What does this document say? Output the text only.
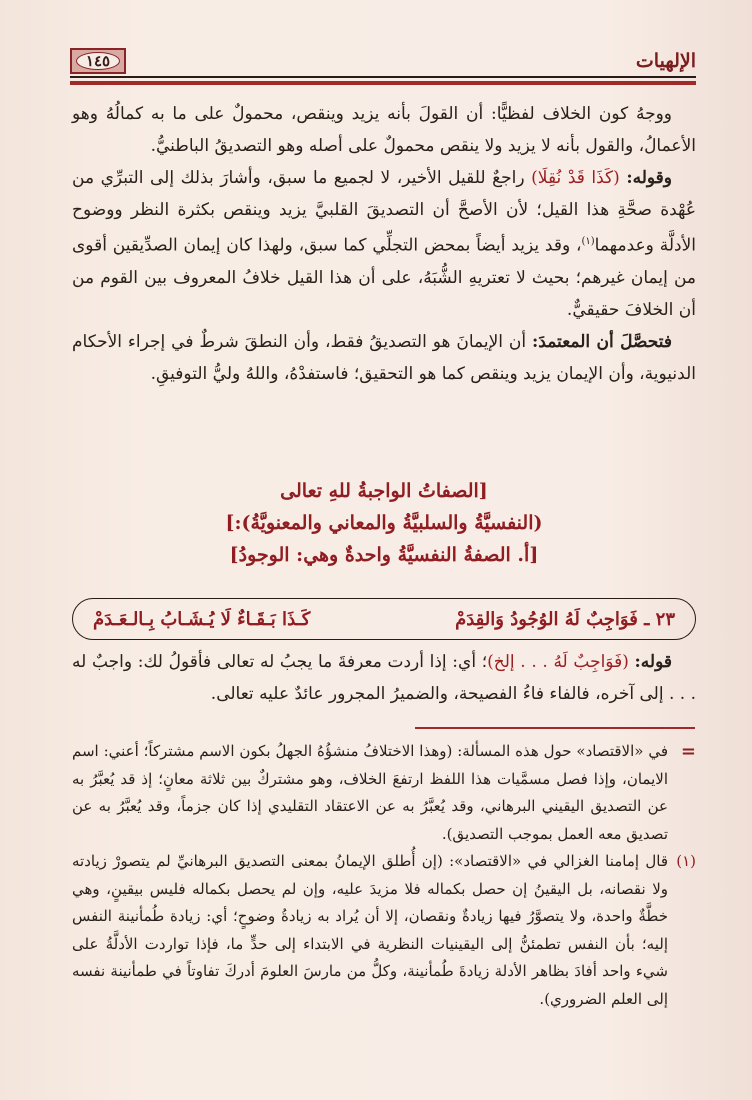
١٤٥	الإلهيات

ووجهُ كون الخلاف لفظيًّا: أن القولَ بأنه يزيد وينقص، محمولٌ على ما به كمالُهُ وهو الأعمالُ، والقول بأنه لا يزيد ولا ينقص محمولٌ على أصله وهو التصديقُ الباطنيُّ.

وقوله: (كَذَا قَدْ نُقِلَا) راجعٌ للقيل الأخير، لا لجميع ما سبق، وأشارَ بذلك إلى التبرِّي من عُهْدة صحَّةِ هذا القيل؛ لأن الأصحَّ أن التصديقَ القلبيَّ يزيد وينقص بكثرة النظر ووضوح الأدلَّة وعدمهما$^{(١)}$، وقد يزيد أيضاً بمحض التجلِّي كما سبق، ولهذا كان إيمان الصدِّيقين أقوى من إيمان غيرهم؛ بحيث لا تعتريهِ الشُّبَهُ، على أن هذا القيل خلافُ المعروف بين القوم من أن الخلافَ حقيقيٌّ.

فتحصَّلَ أن المعتمدَ: أن الإيمانَ هو التصديقُ فقط، وأن النطقَ شرطٌ في إجراء الأحكام الدنيوية، وأن الإيمان يزيد وينقص كما هو التحقيق؛ فاستفدْهُ، واللهُ وليُّ التوفيقِ.

[الصفاتُ الواجبةُ للهِ تعالى
(النفسيَّةُ والسلبيَّةُ والمعاني والمعنويَّةُ):]
[أ. الصفةُ النفسيَّةُ واحدةٌ وهي: الوجودُ]
٢٣ ـ فَوَاجِبٌ لَهُ الوُجُودُ وَالقِدَمْ
كَـذَا بَـقَـاءٌ لَا يُـشَـابُ بِـالـعَـدَمْ

قوله: (فَوَاجِبٌ لَهُ . . . إلخ)؛ أي: إذا أردت معرفةَ ما يجبُ له تعالى فأقولُ لك: واجبٌ له . . . إلى آخره، فالفاء فاءُ الفصيحة، والضميرُ المجرور عائدٌ عليه تعالى.

=
في «الاقتصاد» حول هذه المسألة: (وهذا الاختلافُ منشؤُهُ الجهلُ بكون الاسم مشتركاً؛ أعني: اسم الايمان، وإذا فصل مسمَّيات هذا اللفظ ارتفعَ الخلاف، وهو مشتركٌ بين ثلاثة معانٍ؛ إذ قد يُعبَّرُ به عن التصديق اليقيني البرهاني، وقد يُعبَّرُ به عن الاعتقاد التقليدي إذا كان جزماً، وقد يُعبَّرُ به عن تصديق معه العمل بموجب التصديق).

(١)
قال إمامنا الغزالي في «الاقتصاد»: (إن أُطلق الإيمانُ بمعنى التصديق البرهانيِّ لم يتصورْ زيادته ولا نقصانه، بل اليقينُ إن حصل بكماله فلا مزيدَ عليه، وإن لم يحصل بكماله فليس بيقينٍ، وهي خطَّةٌ واحدة، ولا يتصوَّرُ فيها زيادةٌ ونقصان، إلا أن يُراد به زيادةُ وضوحٍ؛ أي: زيادة طُمأنينة النفس إليه؛ بأن النفس تطمئنُّ إلى اليقينيات النظرية في الابتداء إلى حدٍّ ما، فإذا تواردت الأدلَّةُ على شيء واحد أفادَ بظاهر الأدلة زيادةَ طُمأنينة، وكلُّ من مارسَ العلومَ أدركَ تفاوتاً في طمأنينة نفسه إلى العلم الضروري).
